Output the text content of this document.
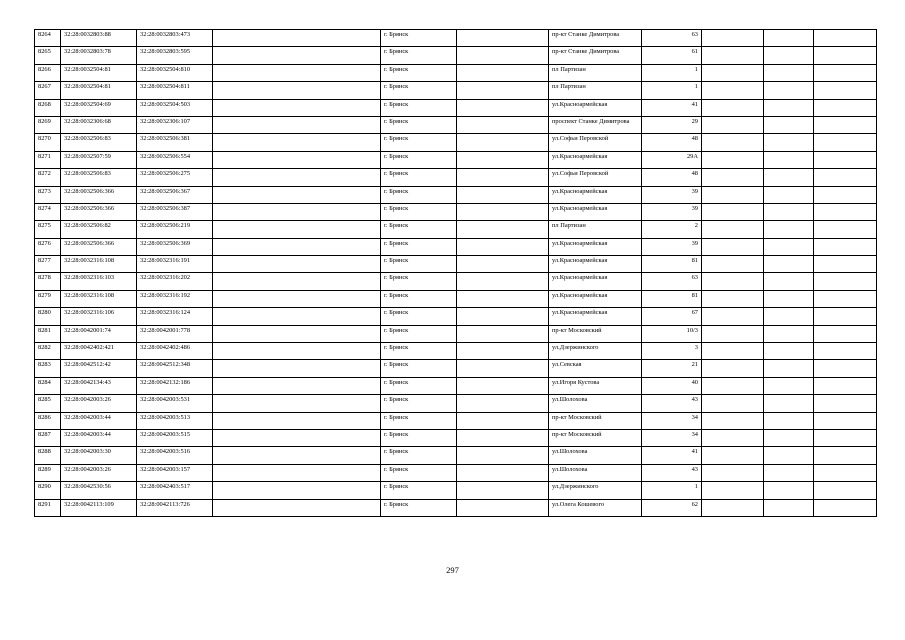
8264	32:28:0032803:88	32:28:0032803:473		г. Брянск		пр-кт Станке Димитрова	63			
8265	32:28:0032803:78	32:28:0032803:595		г. Брянск		пр-кт Станке Димитрова	61			
8266	32:28:0032504:81	32:28:0032504:810		г. Брянск		пл Партизан	1			
8267	32:28:0032504:81	32:28:0032504:811		г. Брянск		пл Партизан	1			
8268	32:28:0032504:69	32:28:0032504:503		г. Брянск		ул.Красноармейская	41			
8269	32:28:0032306:68	32:28:0032306:107		г. Брянск		проспект Станке Димитрова	29			
8270	32:28:0032506:83	32:28:0032506:381		г. Брянск		ул.Софьи Перовской	48			
8271	32:28:0032507:59	32:28:0032506:554		г. Брянск		ул.Красноармейская	29А			
8272	32:28:0032506:83	32:28:0032506:275		г. Брянск		ул.Софьи Перовской	48			
8273	32:28:0032506:366	32:28:0032506:367		г. Брянск		ул.Красноармейская	39			
8274	32:28:0032506:366	32:28:0032506:387		г. Брянск		ул.Красноармейская	39			
8275	32:28:0032506:82	32:28:0032506:219		г. Брянск		пл Партизан	2			
8276	32:28:0032506:366	32:28:0032506:369		г. Брянск		ул.Красноармейская	39			
8277	32:28:0032316:108	32:28:0032316:191		г. Брянск		ул.Красноармейская	81			
8278	32:28:0032316:103	32:28:0032316:202		г. Брянск		ул.Красноармейская	63			
8279	32:28:0032316:108	32:28:0032316:192		г. Брянск		ул.Красноармейская	81			
8280	32:28:0032316:106	32:28:0032316:124		г. Брянск		ул.Красноармейская	67			
8281	32:28:0042001:74	32:28:0042001:778		г. Брянск		пр-кт Московский	10/3			
8282	32:28:0042402:421	32:28:0042402:486		г. Брянск		ул.Дзержинского	3			
8283	32:28:0042512:42	32:28:0042512:348		г. Брянск		ул.Севская	21			
8284	32:28:0042134:43	32:28:0042132:186		г. Брянск		ул.Игоря Кустова	40			
8285	32:28:0042003:26	32:28:0042003:531		г. Брянск		ул.Шолохова	43			
8286	32:28:0042003:44	32:28:0042003:513		г. Брянск		пр-кт Московский	34			
8287	32:28:0042003:44	32:28:0042003:515		г. Брянск		пр-кт Московский	34			
8288	32:28:0042003:30	32:28:0042003:516		г. Брянск		ул.Шолохова	41			
8289	32:28:0042003:26	32:28:0042003:157		г. Брянск		ул.Шолохова	43			
8290	32:28:0042530:56	32:28:0042403:517		г. Брянск		ул.Дзержинского	1			
8291	32:28:0042113:109	32:28:0042113:726		г. Брянск		ул.Олега Кошевого	62			
297
